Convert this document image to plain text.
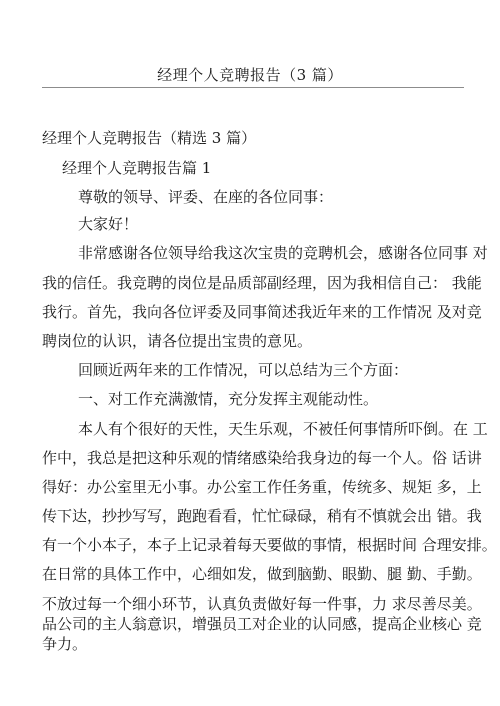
经理个人竞聘报告（3 篇）
经理个人竞聘报告（精选 3 篇）
经理个人竞聘报告篇 1
尊敬的领导、评委、在座的各位同事：
大家好！
非常感谢各位领导给我这次宝贵的竞聘机会，感谢各位同事 对
我的信任。我竞聘的岗位是品质部副经理，因为我相信自己： 我能
我行。首先，我向各位评委及同事简述我近年来的工作情况 及对竞
聘岗位的认识，请各位提出宝贵的意见。
回顾近两年来的工作情况，可以总结为三个方面：
一、对工作充满激情，充分发挥主观能动性。
本人有个很好的天性，天生乐观，不被任何事情所吓倒。在 工
作中，我总是把这种乐观的情绪感染给我身边的每一个人。俗 话讲
得好：办公室里无小事。办公室工作任务重，传统多、规矩 多，上
传下达，抄抄写写，跑跑看看，忙忙碌碌，稍有不慎就会出 错。我
有一个小本子，本子上记录着每天要做的事情，根据时间 合理安排。
在日常的具体工作中，心细如发，做到脑勤、眼勤、腿 勤、手勤。
不放过每一个细小环节，认真负责做好每一件事，力 求尽善尽美。
品公司的主人翁意识，增强员工对企业的认同感，提高企业核心 竞
争力。
